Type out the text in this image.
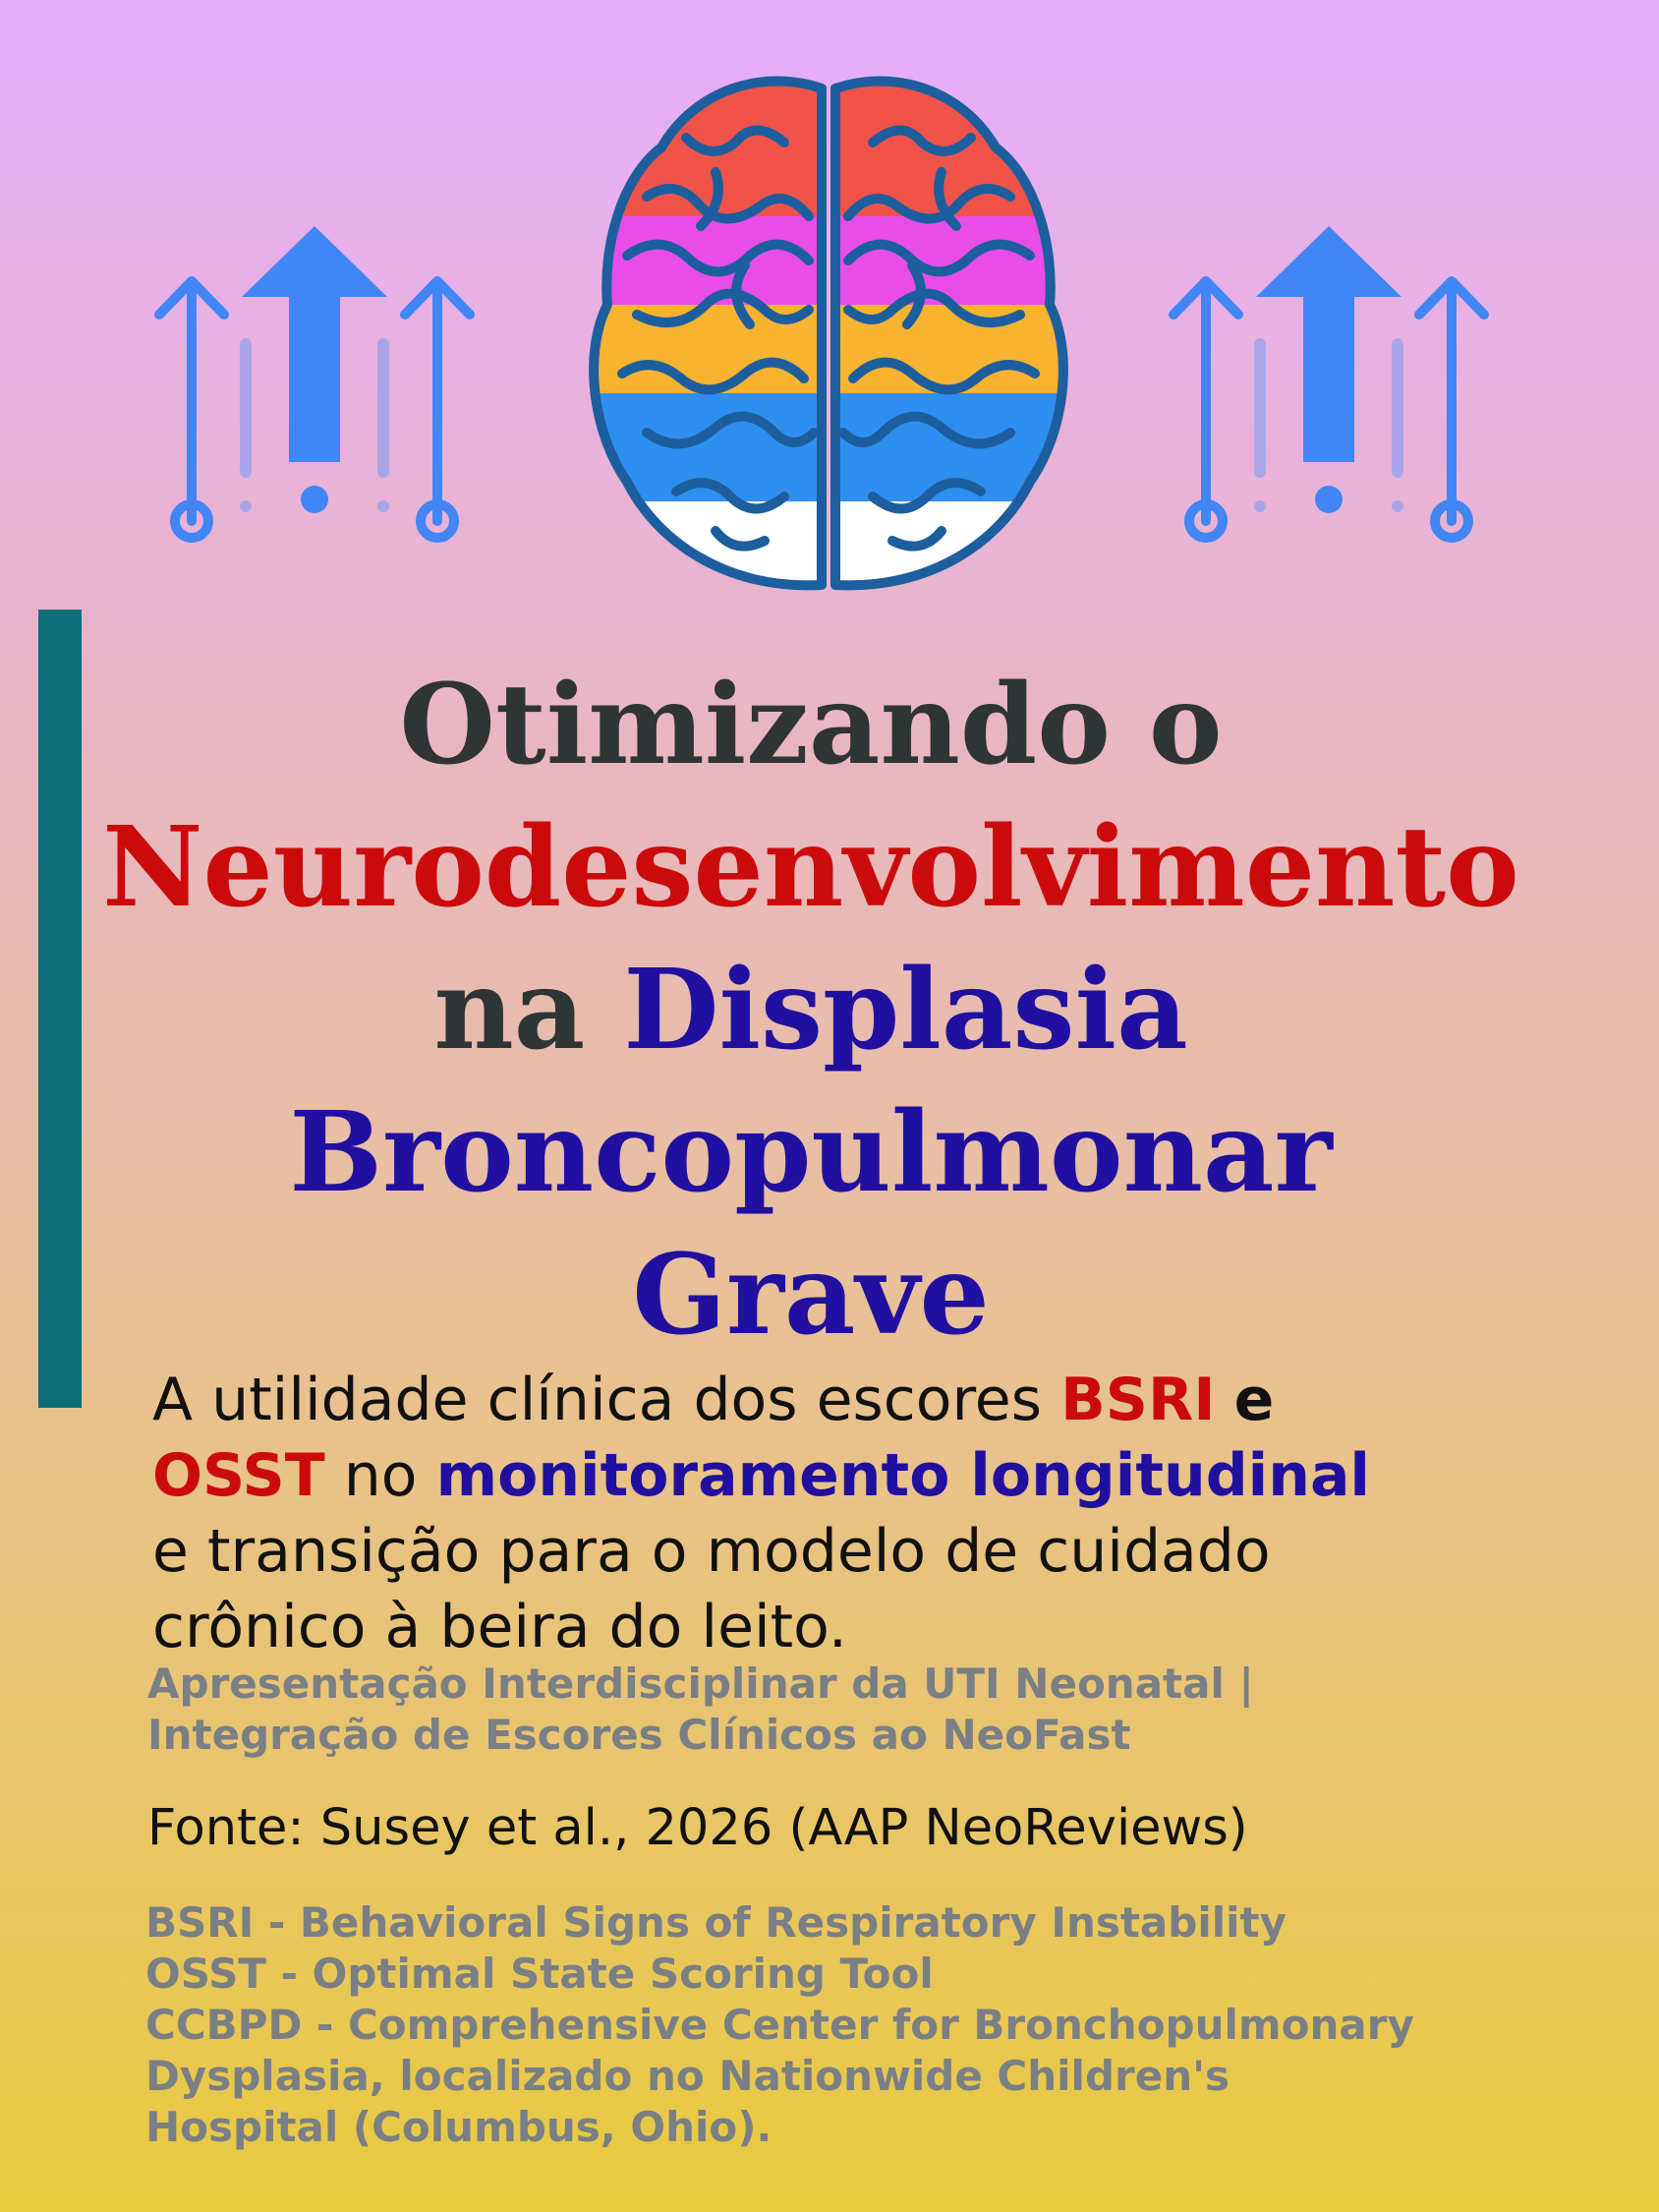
Otimizando o
Neurodesenvolvimento
na Displasia
Broncopulmonar
Grave
A utilidade clínica dos escores BSRI e
OSST no monitoramento longitudinal
e transição para o modelo de cuidado
crônico à beira do leito.
Apresentação Interdisciplinar da UTI Neonatal |
Integração de Escores Clínicos ao NeoFast
Fonte: Susey et al., 2026 (AAP NeoReviews)
BSRI - Behavioral Signs of Respiratory Instability
OSST - Optimal State Scoring Tool
CCBPD - Comprehensive Center for Bronchopulmonary
Dysplasia, localizado no Nationwide Children's
Hospital (Columbus, Ohio).
